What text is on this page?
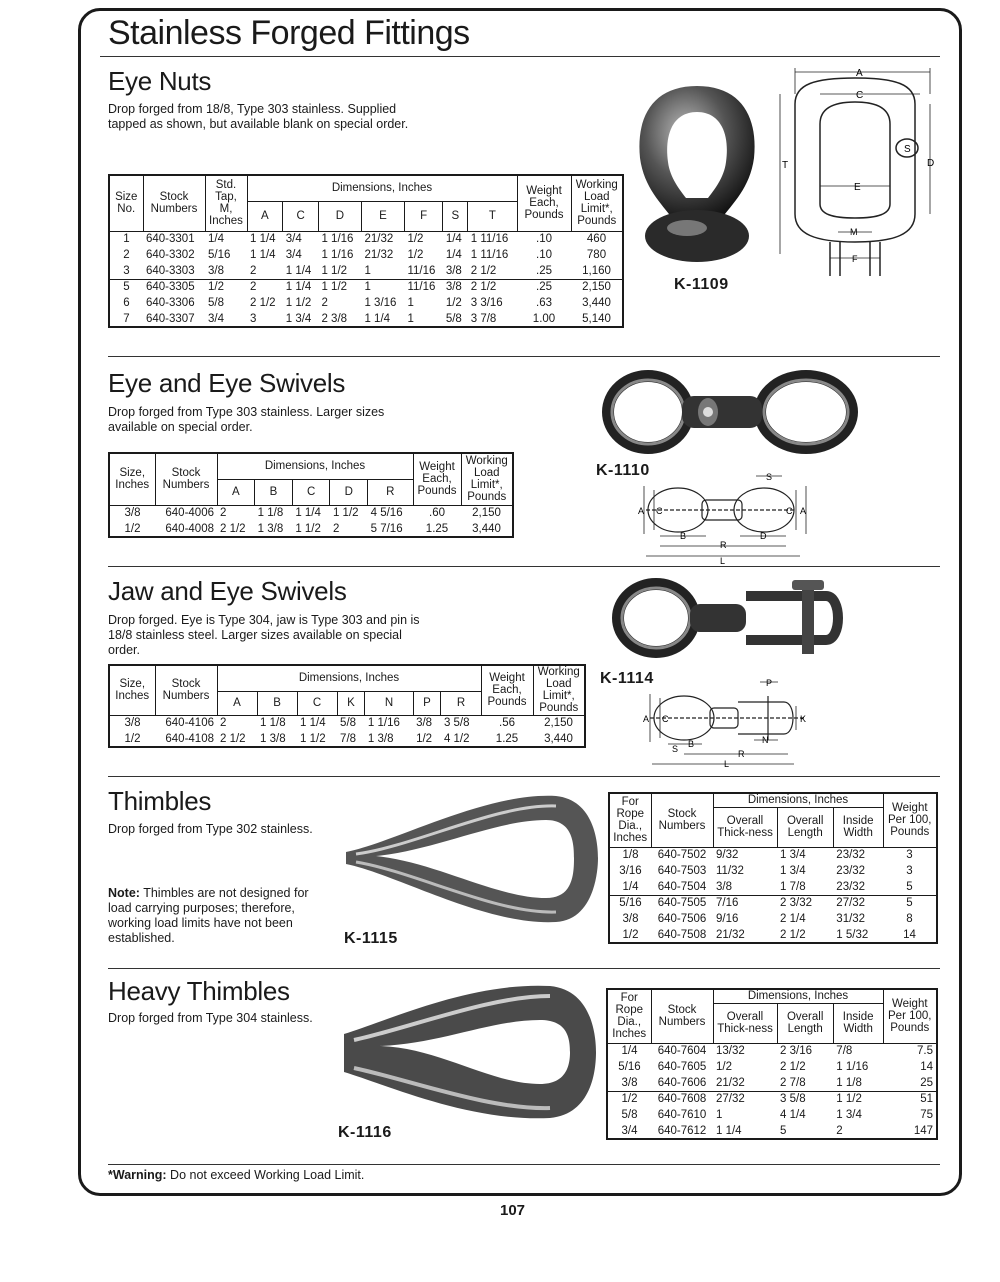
Stainless Forged Fittings
Eye Nuts
Drop forged from 18/8, Type 303 stainless. Supplied tapped as shown, but available blank on special order.
Size No.	Stock Numbers	Std. Tap, M, Inches	Dimensions, Inches							Weight Each, Pounds	Working Load Limit*, Pounds
			A	C	D	E	F	S	T		
1	640-3301	1/4	1 1/4	3/4	1 1/16	21/32	1/2	1/4	1 11/16	.10	460
2	640-3302	5/16	1 1/4	3/4	1 1/16	21/32	1/2	1/4	1 11/16	.10	780
3	640-3303	3/8	2	1 1/4	1 1/2	1	11/16	3/8	2 1/2	.25	1,160
5	640-3305	1/2	2	1 1/4	1 1/2	1	11/16	3/8	2 1/2	.25	2,150
6	640-3306	5/8	2 1/2	1 1/2	2	1 3/16	1	1/2	3 3/16	.63	3,440
7	640-3307	3/4	3	1 3/4	2 3/8	1 1/4	1	5/8	3 7/8	1.00	5,140
K-1109
A
C
S
D
T
E
M
F
Eye and Eye Swivels
Drop forged from Type 303 stainless. Larger sizes available on special order.
Size, Inches	Stock Numbers	Dimensions, Inches					Weight Each, Pounds	Working Load Limit*, Pounds
		A	B	C	D	R		
3/8	640-4006	2	1 1/8	1 1/4	1 1/2	4 5/16	.60	2,150
1/2	640-4008	2 1/2	1 3/8	1 1/2	2	5 7/16	1.25	3,440
K-1110	S
A C	C A
B	D
R
L
Jaw and Eye Swivels
Drop forged. Eye is Type 304, jaw is Type 303 and pin is 18/8 stainless steel. Larger sizes available on special order.
Size, Inches	Stock Numbers	Dimensions, Inches							Weight Each, Pounds	Working Load Limit*, Pounds
		A	B	C	K	N	P	R		
3/8	640-4106	2	1 1/8	1 1/4	5/8	1 1/16	3/8	3 5/8	.56	2,150
1/2	640-4108	2 1/2	1 3/8	1 1/2	7/8	1 3/8	1/2	4 1/2	1.25	3,440
K-1114	P
A C	K
S B	N
R
L
Thimbles
Drop forged from Type 302 stainless.
Note: Thimbles are not designed for load carrying purposes; therefore, working load limits have not been established.	K-1115
For Rope Dia., Inches	Stock Numbers	Dimensions, Inches			Weight Per 100, Pounds
		Overall Thick-ness	Overall Length	Inside Width	
1/8	640-7502	9/32	1 3/4	23/32	3
3/16	640-7503	11/32	1 3/4	23/32	3
1/4	640-7504	3/8	1 7/8	23/32	5
5/16	640-7505	7/16	2 3/32	27/32	5
3/8	640-7506	9/16	2 1/4	31/32	8
1/2	640-7508	21/32	2 1/2	1 5/32	14
Heavy Thimbles
Drop forged from Type 304 stainless.
K-1116
For Rope Dia., Inches	Stock Numbers	Dimensions, Inches			Weight Per 100, Pounds
		Overall Thick-ness	Overall Length	Inside Width	
1/4	640-7604	13/32	2 3/16	7/8	7.5
5/16	640-7605	1/2	2 1/2	1 1/16	14
3/8	640-7606	21/32	2 7/8	1 1/8	25
1/2	640-7608	27/32	3 5/8	1 1/2	51
5/8	640-7610	1	4 1/4	1 3/4	75
3/4	640-7612	1 1/4	5	2	147
*Warning: Do not exceed Working Load Limit.
107
